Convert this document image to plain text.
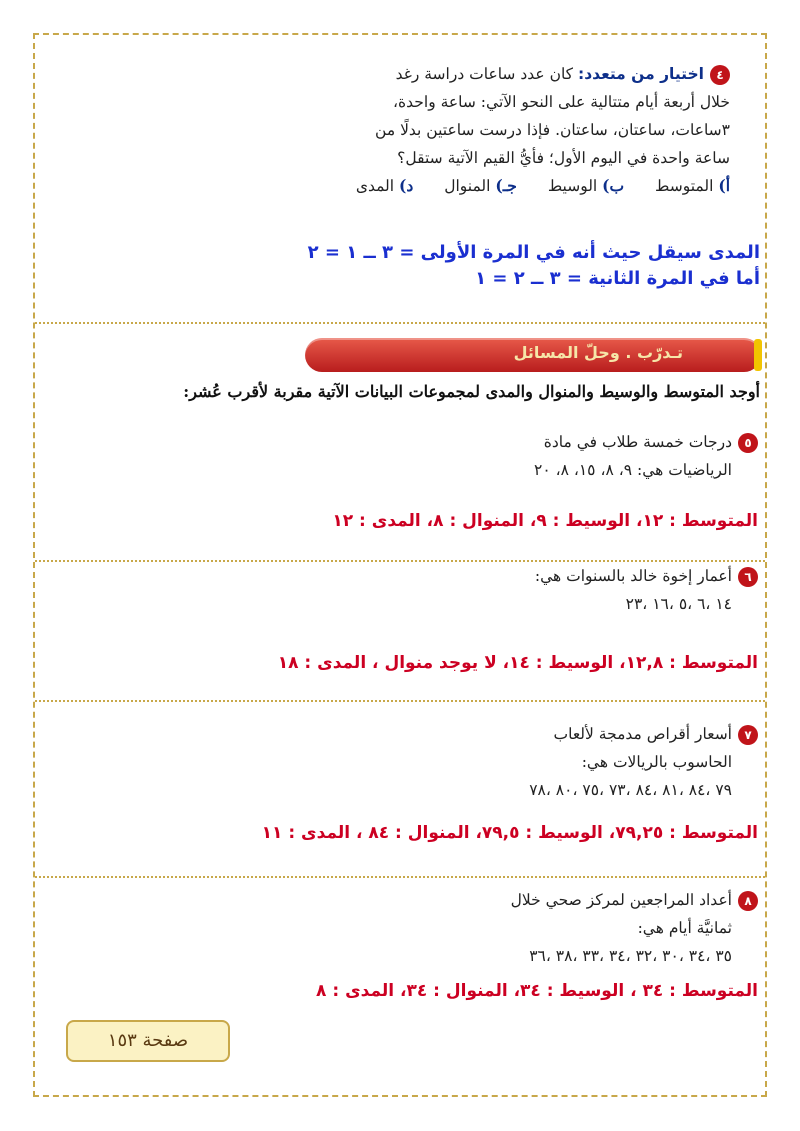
٤اختيار من متعدد: كان عدد ساعات دراسة رغد
خلال أربعة أيام متتالية على النحو الآتي: ساعة واحدة،
٣ساعات، ساعتان، ساعتان. فإذا درست ساعتين بدلًا من
ساعة واحدة في اليوم الأول؛ فأيُّ القيم الآتية ستقل؟
أ) المتوسط ب) الوسيط جـ) المنوال د) المدى
المدى سيقل حيث أنه في المرة الأولى = ٣ ــ ١ = ٢
أما في المرة الثانية = ٣ ــ ٢ = ١
تـدرّب . وحلّ المسائل
أوجد المتوسط والوسيط والمنوال والمدى لمجموعات البيانات الآتية مقربة لأقرب عُشر:
٥درجات خمسة طلاب في مادة
الرياضيات هي: ٩، ٨، ١٥، ٨، ٢٠
المتوسط : ١٢، الوسيط : ٩، المنوال : ٨، المدى : ١٢
٦أعمار إخوة خالد بالسنوات هي:
١٤ ،٦ ،٥ ،١٦ ،٢٣
المتوسط : ١٢,٨، الوسيط : ١٤، لا يوجد منوال ، المدى : ١٨
٧أسعار أقراص مدمجة لألعاب
الحاسوب بالريالات هي:
٧٩ ،٨٤ ،٨١ ،٨٤ ،٧٣ ،٧٥ ،٨٠ ،٧٨
المتوسط : ٧٩,٢٥، الوسيط : ٧٩,٥، المنوال : ٨٤ ، المدى : ١١
٨أعداد المراجعين لمركز صحي خلال
ثمانيَّة أيام هي:
٣٥ ،٣٤ ،٣٠ ،٣٢ ،٣٤ ،٣٣ ،٣٨ ،٣٦
المتوسط : ٣٤ ، الوسيط : ٣٤، المنوال : ٣٤، المدى : ٨
صفحة ١٥٣
